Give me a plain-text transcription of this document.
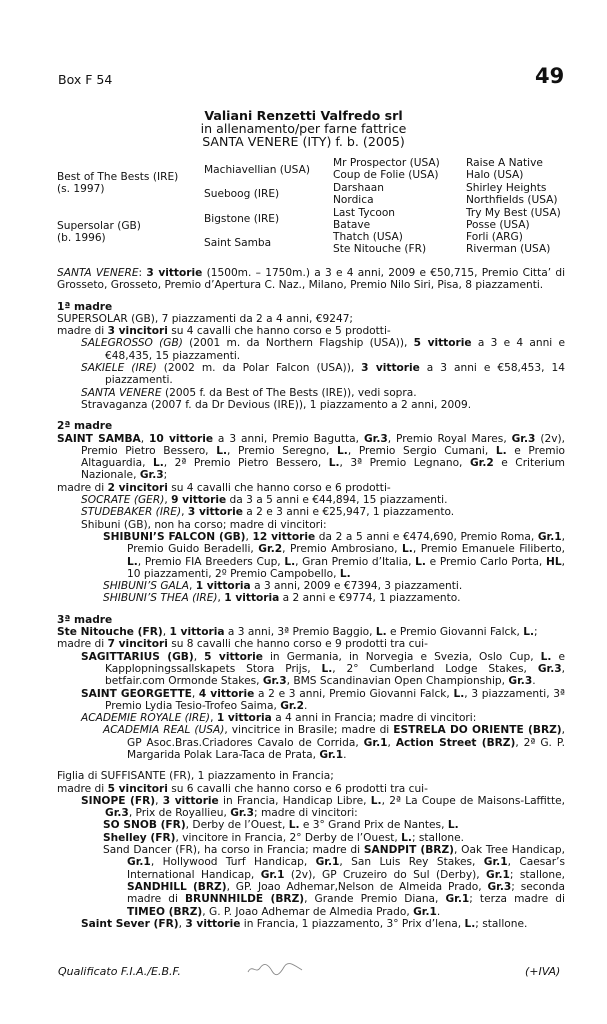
Box F 54	49
Valiani Renzetti Valfredo srl
in allenamento/per farne fattrice
SANTA VENERE (ITY) f. b. (2005)
Best of The Bests (IRE)
(s. 1997)
Supersolar (GB)
(b. 1996)
Machiavellian (USA)
Sueboog (IRE)
Bigstone (IRE)
Saint Samba
Mr Prospector (USA)
Coup de Folie (USA)
Darshaan
Nordica
Last Tycoon
Batave
Thatch (USA)
Ste Nitouche (FR)
Raise A Native
Halo (USA)
Shirley Heights
Northfields (USA)
Try My Best (USA)
Posse (USA)
Forli (ARG)
Riverman (USA)

SANTA VENERE: 3 vittorie (1500m. – 1750m.) a 3 e 4 anni, 2009 e €50,715, Premio Citta’ di Grosseto, Grosseto, Premio d’Apertura C. Naz., Milano, Premio Nilo Siri, Pisa, 8 piazzamenti.

1ª madre

SUPERSOLAR (GB), 7 piazzamenti da 2 a 4 anni, €9247;

madre di 3 vincitori su 4 cavalli che hanno corso e 5 prodotti-

SALEGROSSO (GB) (2001 m. da Northern Flagship (USA)), 5 vittorie a 3 e 4 anni e €48,435, 15 piazzamenti.

SAKIELE (IRE) (2002 m. da Polar Falcon (USA)), 3 vittorie a 3 anni e €58,453, 14 piazzamenti.

SANTA VENERE (2005 f. da Best of The Bests (IRE)), vedi sopra.

Stravaganza (2007 f. da Dr Devious (IRE)), 1 piazzamento a 2 anni, 2009.

2ª madre

SAINT SAMBA, 10 vittorie a 3 anni, Premio Bagutta, Gr.3, Premio Royal Mares, Gr.3 (2v), Premio Pietro Bessero, L., Premio Seregno, L., Premio Sergio Cumani, L. e Premio Altaguardia, L., 2ª Premio Pietro Bessero, L., 3ª Premio Legnano, Gr.2 e Criterium Nazionale, Gr.3;

madre di 2 vincitori su 4 cavalli che hanno corso e 6 prodotti-

SOCRATE (GER), 9 vittorie da 3 a 5 anni e €44,894, 15 piazzamenti.

STUDEBAKER (IRE), 3 vittorie a 2 e 3 anni e €25,947, 1 piazzamento.

Shibuni (GB), non ha corso; madre di vincitori:

SHIBUNI’S FALCON (GB), 12 vittorie da 2 a 5 anni e €474,690, Premio Roma, Gr.1, Premio Guido Beradelli, Gr.2, Premio Ambrosiano, L., Premio Emanuele Filiberto, L., Premio FIA Breeders Cup, L., Gran Premio d’Italia, L. e Premio Carlo Porta, HL, 10 piazzamenti, 2º Premio Campobello, L.

SHIBUNI’S GALA, 1 vittoria a 3 anni, 2009 e €7394, 3 piazzamenti.

SHIBUNI’S THEA (IRE), 1 vittoria a 2 anni e €9774, 1 piazzamento.

3ª madre

Ste Nitouche (FR), 1 vittoria a 3 anni, 3ª Premio Baggio, L. e Premio Giovanni Falck, L.;

madre di 7 vincitori su 8 cavalli che hanno corso e 9 prodotti tra cui-

SAGITTARIUS (GB), 5 vittorie in Germania, in Norvegia e Svezia, Oslo Cup, L. e Kapplopningssallskapets Stora Prijs, L., 2° Cumberland Lodge Stakes, Gr.3, betfair.com Ormonde Stakes, Gr.3, BMS Scandinavian Open Championship, Gr.3.

SAINT GEORGETTE, 4 vittorie a 2 e 3 anni, Premio Giovanni Falck, L., 3 piazzamenti, 3ª Premio Lydia Tesio-Trofeo Saima, Gr.2.

ACADEMIE ROYALE (IRE), 1 vittoria a 4 anni in Francia; madre di vincitori:

ACADEMIA REAL (USA), vincitrice in Brasile; madre di ESTRELA DO ORIENTE (BRZ), GP Asoc.Bras.Criadores Cavalo de Corrida, Gr.1, Action Street (BRZ), 2ª G. P. Margarida Polak Lara-Taca de Prata, Gr.1.

Figlia di SUFFISANTE (FR), 1 piazzamento in Francia;

madre di 5 vincitori su 6 cavalli che hanno corso e 6 prodotti tra cui-

SINOPE (FR), 3 vittorie in Francia, Handicap Libre, L., 2ª La Coupe de Maisons-Laffitte, Gr.3, Prix de Royallieu, Gr.3; madre di vincitori:

SO SNOB (FR), Derby de l’Ouest, L. e 3° Grand Prix de Nantes, L.

Shelley (FR), vincitore in Francia, 2° Derby de l’Ouest, L.; stallone.

Sand Dancer (FR), ha corso in Francia; madre di SANDPIT (BRZ), Oak Tree Handicap, Gr.1, Hollywood Turf Handicap, Gr.1, San Luis Rey Stakes, Gr.1, Caesar’s International Handicap, Gr.1 (2v), GP Cruzeiro do Sul (Derby), Gr.1; stallone, SANDHILL (BRZ), GP. Joao Adhemar,Nelson de Almeida Prado, Gr.3; seconda madre di BRUNNHILDE (BRZ), Grande Premio Diana, Gr.1; terza madre di TIMEO (BRZ), G. P. Joao Adhemar de Almedia Prado, Gr.1.

Saint Sever (FR), 3 vittorie in Francia, 1 piazzamento, 3° Prix d’lena, L.; stallone.

Qualificato F.I.A./E.B.F.	(+IVA)
